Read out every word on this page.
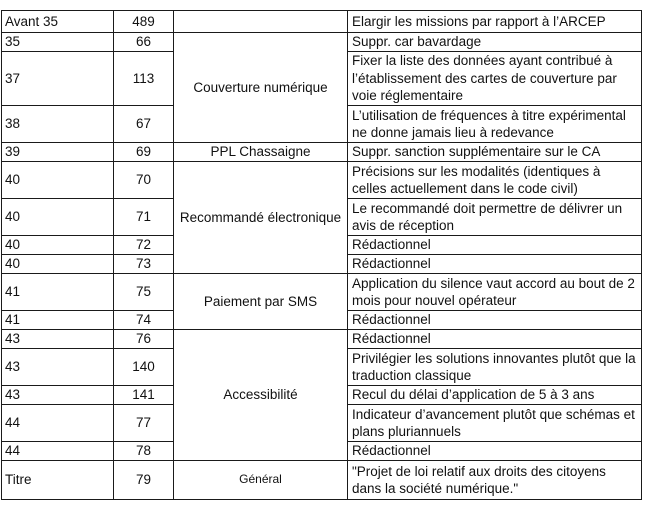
Avant 35	489		Elargir les missions par rapport à l’ARCEP
35	66	Couverture numérique	Suppr. car bavardage
37	113		Fixer la liste des données ayant contribué à l’établissement des cartes de couverture par voie réglementaire
38	67		L’utilisation de fréquences à titre expérimental ne donne jamais lieu à redevance
39	69	PPL Chassaigne	Suppr. sanction supplémentaire sur le CA
40	70	Recommandé électronique	Précisions sur les modalités (identiques à celles actuellement dans le code civil)
40	71		Le recommandé doit permettre de délivrer un avis de réception
40	72		Rédactionnel
40	73		Rédactionnel
41	75	Paiement par SMS	Application du silence vaut accord au bout de 2 mois pour nouvel opérateur
41	74		Rédactionnel
43	76	Accessibilité	Rédactionnel
43	140		Privilégier les solutions innovantes plutôt que la traduction classique
43	141		Recul du délai d’application de 5 à 3 ans
44	77		Indicateur d’avancement plutôt que schémas et plans pluriannuels
44	78		Rédactionnel
Titre	79	Général	"Projet de loi relatif aux droits des citoyens dans la société numérique."
